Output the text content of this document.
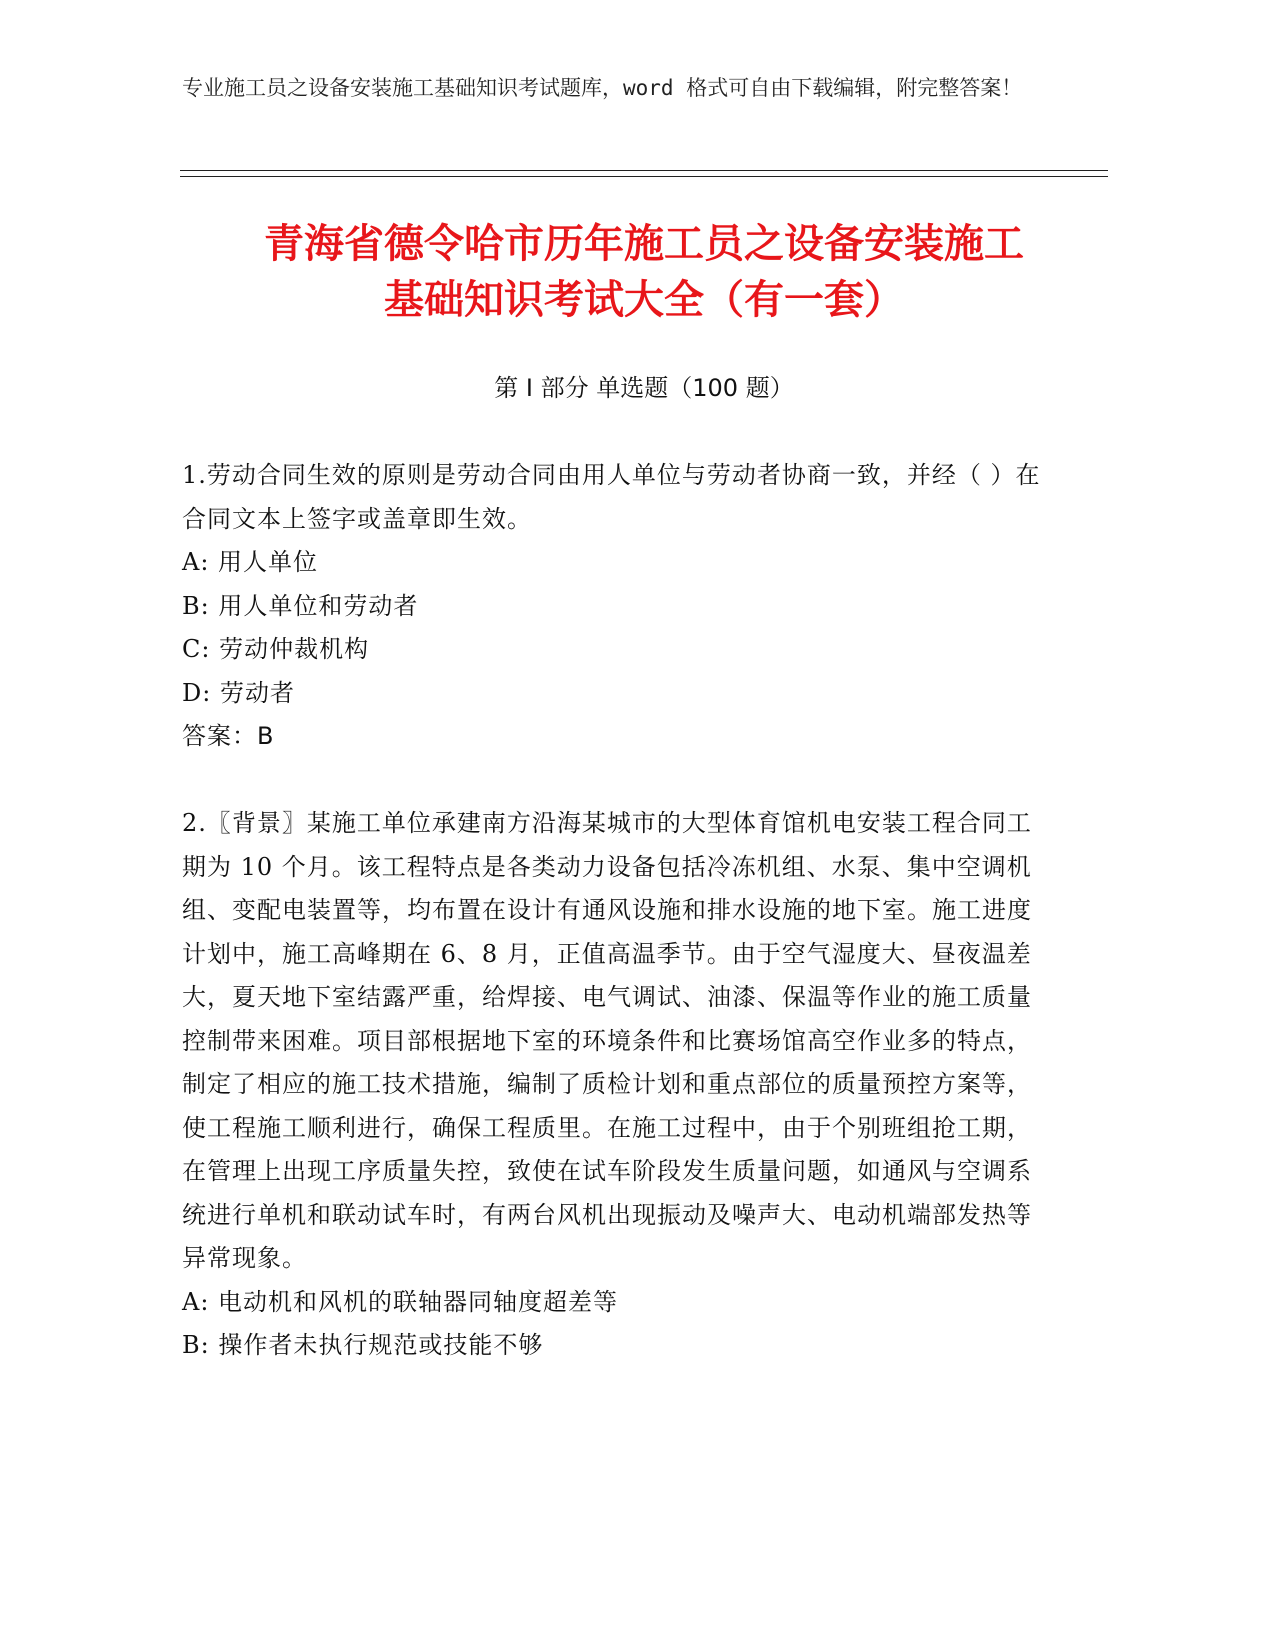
专业施工员之设备安装施工基础知识考试题库，word 格式可自由下载编辑，附完整答案！
青海省德令哈市历年施工员之设备安装施工
基础知识考试大全（有一套）
第 I 部分 单选题（100 题）

1.劳动合同生效的原则是劳动合同由用人单位与劳动者协商一致，并经（ ）在合同文本上签字或盖章即生效。

A: 用人单位

B: 用人单位和劳动者

C: 劳动仲裁机构

D: 劳动者

答案：B

2.〖背景〗某施工单位承建南方沿海某城市的大型体育馆机电安装工程合同工期为 10 个月。该工程特点是各类动力设备包括冷冻机组、水泵、集中空调机组、变配电装置等，均布置在设计有通风设施和排水设施的地下室。施工进度计划中，施工高峰期在 6、8 月，正值高温季节。由于空气湿度大、昼夜温差大，夏天地下室结露严重，给焊接、电气调试、油漆、保温等作业的施工质量控制带来困难。项目部根据地下室的环境条件和比赛场馆高空作业多的特点，制定了相应的施工技术措施，编制了质检计划和重点部位的质量预控方案等，使工程施工顺利进行，确保工程质里。在施工过程中，由于个别班组抢工期，在管理上出现工序质量失控，致使在试车阶段发生质量问题，如通风与空调系统进行单机和联动试车时，有两台风机出现振动及噪声大、电动机端部发热等异常现象。

A: 电动机和风机的联轴器同轴度超差等

B: 操作者未执行规范或技能不够
